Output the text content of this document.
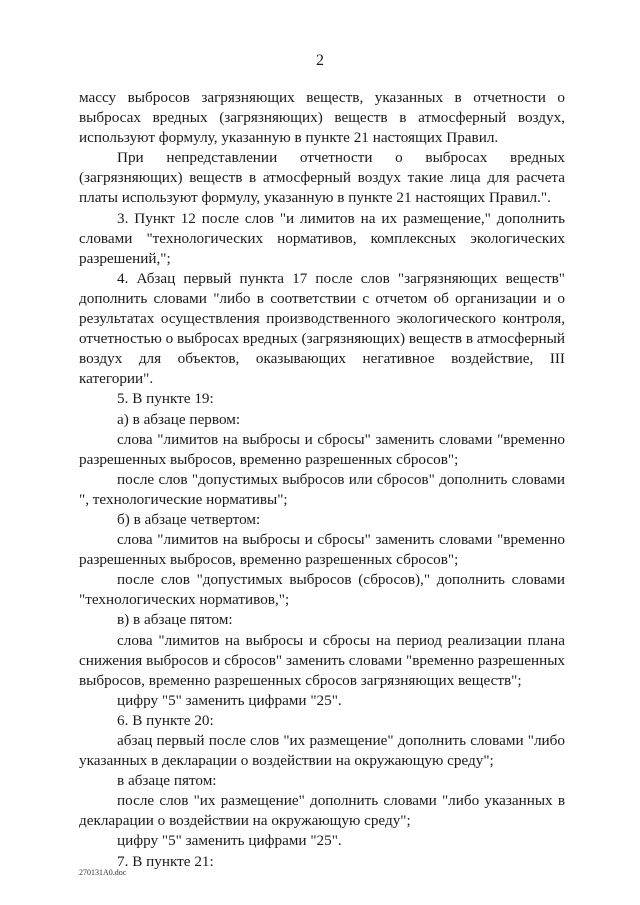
2

массу выбросов загрязняющих веществ, указанных в отчетности о выбросах вредных (загрязняющих) веществ в атмосферный воздух, используют формулу, указанную в пункте 21 настоящих Правил.

При непредставлении отчетности о выбросах вредных (загрязняющих) веществ в атмосферный воздух такие лица для расчета платы используют формулу, указанную в пункте 21 настоящих Правил.".

3. Пункт 12 после слов "и лимитов на их размещение," дополнить словами "технологических нормативов, комплексных экологических разрешений,";

4. Абзац первый пункта 17 после слов "загрязняющих веществ" дополнить словами "либо в соответствии с отчетом об организации и о результатах осуществления производственного экологического контроля, отчетностью о выбросах вредных (загрязняющих) веществ в атмосферный воздух для объектов, оказывающих негативное воздействие, III категории".

5. В пункте 19:

а) в абзаце первом:

слова "лимитов на выбросы и сбросы" заменить словами "временно разрешенных выбросов, временно разрешенных сбросов";

после слов "допустимых выбросов или сбросов" дополнить словами ", технологические нормативы";

б) в абзаце четвертом:

слова "лимитов на выбросы и сбросы" заменить словами "временно разрешенных выбросов, временно разрешенных сбросов";

после слов "допустимых выбросов (сбросов)," дополнить словами "технологических нормативов,";

в) в абзаце пятом:

слова "лимитов на выбросы и сбросы на период реализации плана снижения выбросов и сбросов" заменить словами "временно разрешенных выбросов, временно разрешенных сбросов загрязняющих веществ";

цифру "5" заменить цифрами "25".

6. В пункте 20:

абзац первый после слов "их размещение" дополнить словами "либо указанных в декларации о воздействии на окружающую среду";

в абзаце пятом:

после слов "их размещение" дополнить словами "либо указанных в декларации о воздействии на окружающую среду";

цифру "5" заменить цифрами "25".

7. В пункте 21:

270131A0.doc
